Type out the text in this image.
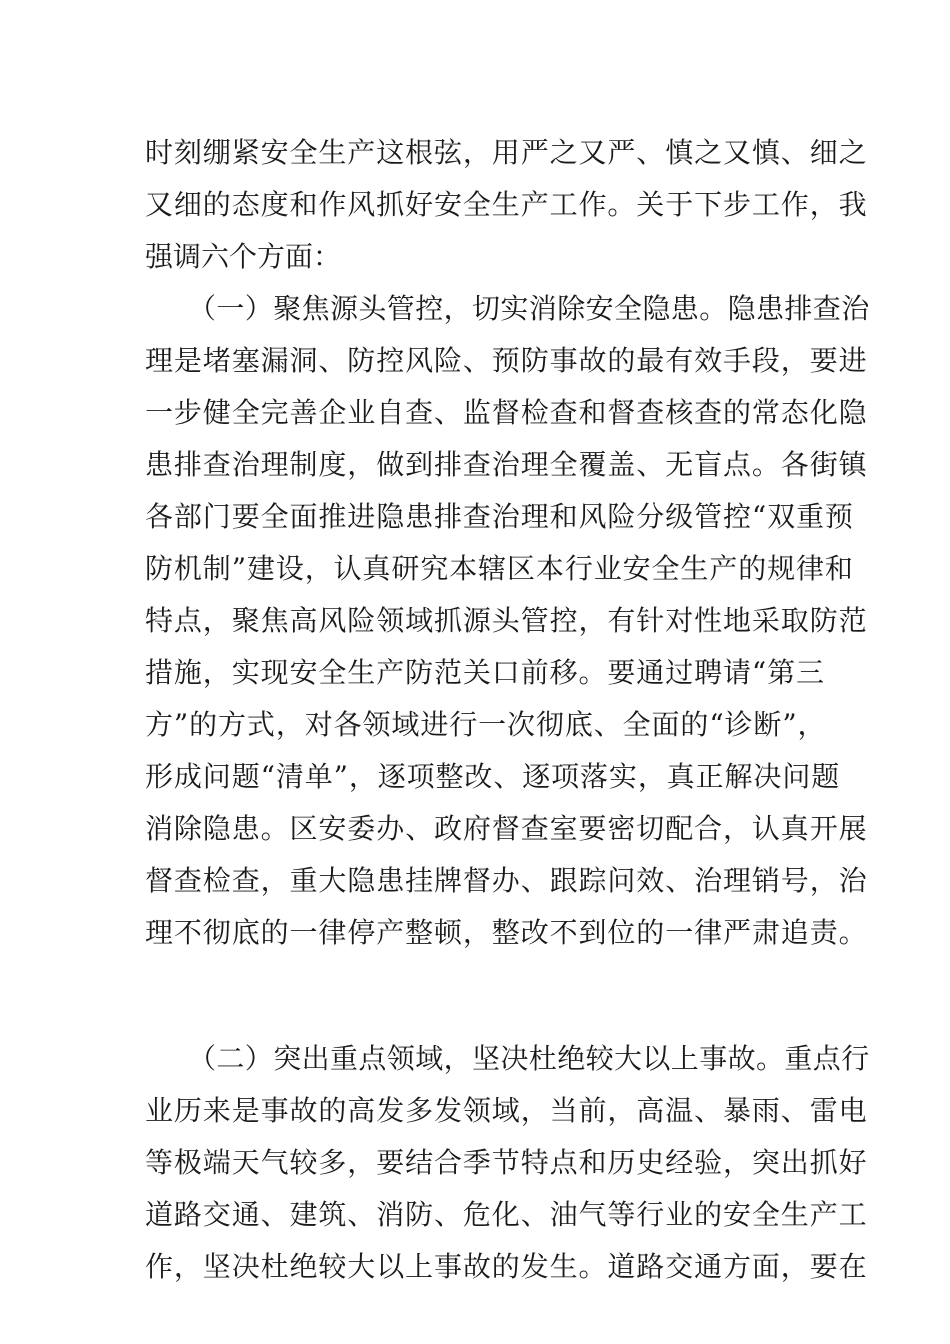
时刻绷紧安全生产这根弦，用严之又严、慎之又慎、细之
又细的态度和作风抓好安全生产工作。关于下步工作，我
强调六个方面：
（一）聚焦源头管控，切实消除安全隐患。隐患排查治
理是堵塞漏洞、防控风险、预防事故的最有效手段，要进
一步健全完善企业自查、监督检查和督查核查的常态化隐
患排查治理制度，做到排查治理全覆盖、无盲点。各街镇
各部门要全面推进隐患排查治理和风险分级管控“双重预
防机制”建设，认真研究本辖区本行业安全生产的规律和
特点，聚焦高风险领域抓源头管控，有针对性地采取防范
措施，实现安全生产防范关口前移。要通过聘请“第三
方”的方式，对各领域进行一次彻底、全面的“诊断”，
形成问题“清单”，逐项整改、逐项落实，真正解决问题
消除隐患。区安委办、政府督查室要密切配合，认真开展
督查检查，重大隐患挂牌督办、跟踪问效、治理销号，治
理不彻底的一律停产整顿，整改不到位的一律严肃追责。
（二）突出重点领域，坚决杜绝较大以上事故。重点行
业历来是事故的高发多发领域，当前，高温、暴雨、雷电
等极端天气较多，要结合季节特点和历史经验，突出抓好
道路交通、建筑、消防、危化、油气等行业的安全生产工
作，坚决杜绝较大以上事故的发生。道路交通方面，要在
